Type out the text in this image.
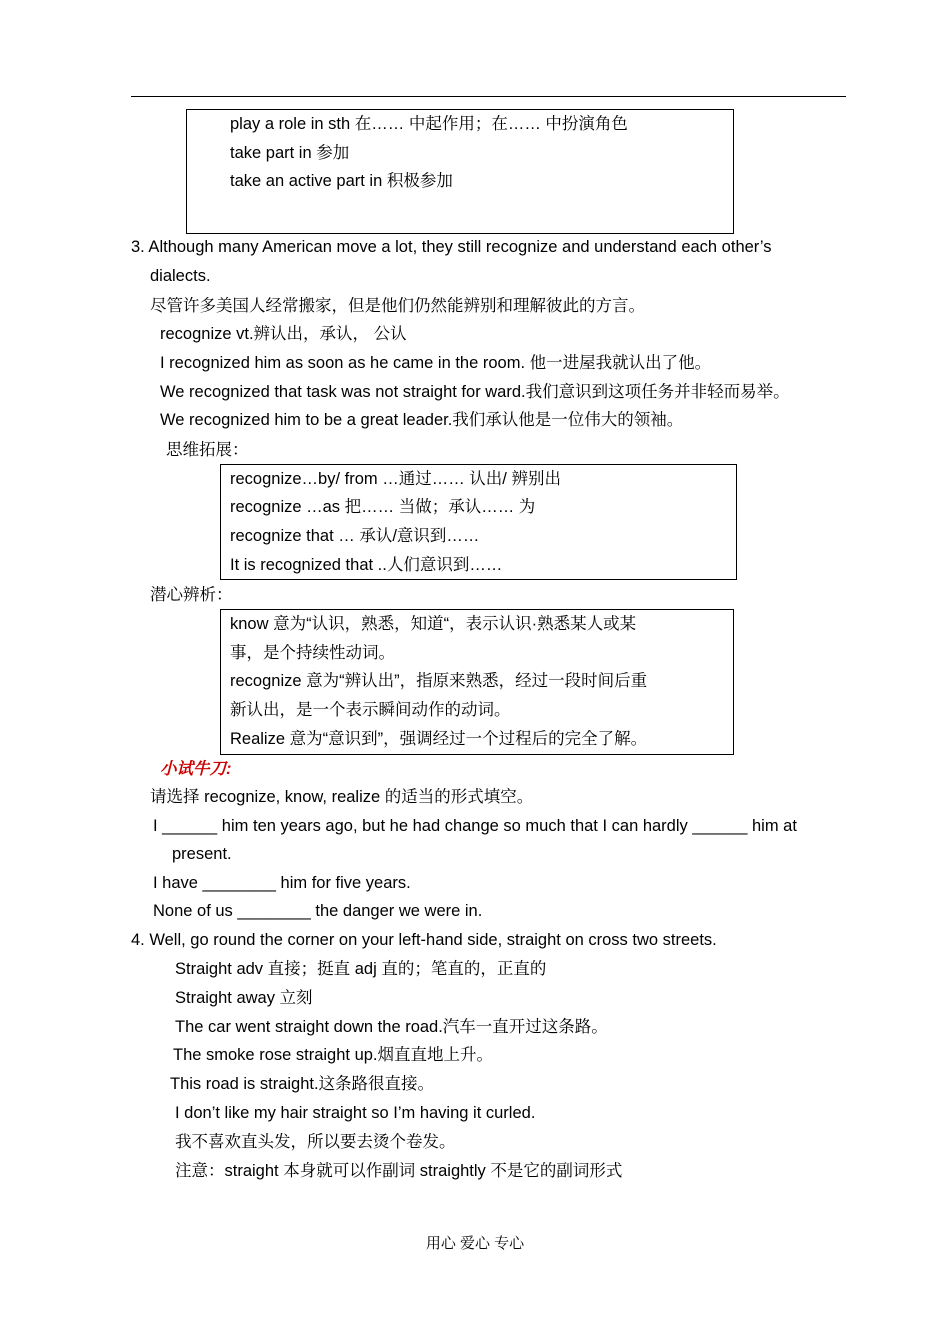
play a role in sth 在…… 中起作用；在…… 中扮演角色
take part in 参加
take an active part in 积极参加
3. Although many American move a lot, they still recognize and understand each other’s
dialects.
尽管许多美国人经常搬家，但是他们仍然能辨别和理解彼此的方言。
recognize vt.辨认出，承认， 公认
I recognized him as soon as he came in the room. 他一进屋我就认出了他。
We recognized that task was not straight for ward.我们意识到这项任务并非轻而易举。
We recognized him to be a great leader.我们承认他是一位伟大的领袖。
思维拓展：
recognize…by/ from …通过…… 认出/ 辨别出
recognize …as 把…… 当做；承认…… 为
recognize that … 承认/意识到……
It is recognized that ..人们意识到……
潜心辨析：
know 意为“认识，熟悉，知道“，表示认识·熟悉某人或某
事，是个持续性动词。
recognize 意为“辨认出”，指原来熟悉，经过一段时间后重
新认出，是一个表示瞬间动作的动词。
Realize 意为“意识到”，强调经过一个过程后的完全了解。
小试牛刀:
请选择 recognize, know, realize 的适当的形式填空。
I ______ him ten years ago, but he had change so much that I can hardly ______ him at
present.
I have ________ him for five years.
None of us ________ the danger we were in.
4. Well, go round the corner on your left-hand side, straight on cross two streets.
Straight adv 直接；挺直 adj 直的；笔直的，正直的
Straight away 立刻
The car went straight down the road.汽车一直开过这条路。
The smoke rose straight up.烟直直地上升。
This road is straight.这条路很直接。
I don’t like my hair straight so I’m having it curled.
我不喜欢直头发，所以要去烫个卷发。
注意：straight 本身就可以作副词 straightly 不是它的副词形式
用心 爱心 专心
